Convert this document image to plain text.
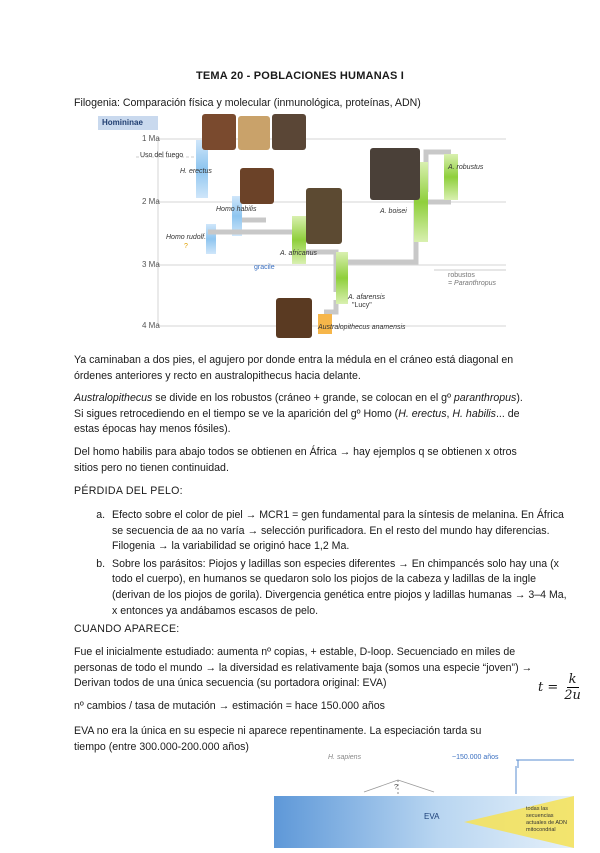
TEMA 20 - POBLACIONES HUMANAS I
Filogenia: Comparación física y molecular (inmunológica, proteínas, ADN)
Homininae
1 Ma
2 Ma
3 Ma
4 Ma
Uso del fuego
H. erectus
Homo habilis
Homo rudolf.
?
A. africanus
gracile
A. boisei
A. robustus
robustos
= Paranthropus
A. afarensis
"Lucy"
Australopithecus anamensis
Ya caminaban a dos pies, el agujero por donde entra la médula en el cráneo está diagonal en órdenes anteriores y recto en australopithecus hacia delante.
Australopithecus se divide en los robustos (cráneo + grande, se colocan en el gº paranthropus). Si sigues retrocediendo en el tiempo se ve la aparición del gº Homo (H. erectus, H. habilis... de estas épocas hay menos fósiles).
Del homo habilis para abajo todos se obtienen en África → hay ejemplos q se obtienen x otros sitios pero no tienen continuidad.
PÉRDIDA DEL PELO:
a. Efecto sobre el color de piel → MCR1 = gen fundamental para la síntesis de melanina. En África se secuencia de aa no varía → selección purificadora. En el resto del mundo hay diferencias. Filogenia → la variabilidad se originó hace 1,2 Ma.
b. Sobre los parásitos: Piojos y ladillas son especies diferentes → En chimpancés solo hay una (x todo el cuerpo), en humanos se quedaron solo los piojos de la cabeza y ladillas de la ingle (derivan de los piojos de gorila). Divergencia genética entre piojos y ladillas humanas → 3–4 Ma, x entonces ya andábamos escasos de pelo.
CUANDO APARECE:
Fue el inicialmente estudiado: aumenta nº copias, + estable, D-loop. Secuenciado en miles de personas de todo el mundo → la diversidad es relativamente baja (somos una especie “joven”) → Derivan todos de una única secuencia (su portadora original: EVA)	$t = \frac{k}{2u}$
nº cambios / tasa de mutación → estimación = hace 150.000 años
EVA no era la única en su especie ni aparece repentinamente. La especiación tarda su tiempo (entre 300.000-200.000 años)
H. sapiens	~150.000 años
?
EVA
todas las secuencias actuales de ADN mitocondrial
